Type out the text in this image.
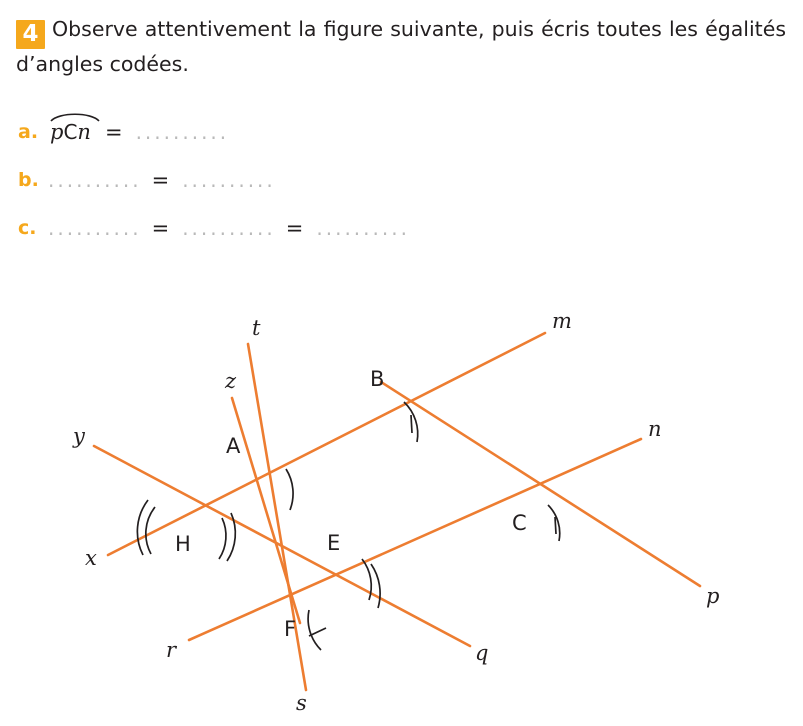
4 Observe attentivement la figure suivante, puis écris toutes les égalités d’angles codées.
a. pCn = ..........
b. .......... = ..........
c. .......... = .......... = ..........
A
B
C
E
F
H
t	m
z
n
y
x
p
r	q
s
